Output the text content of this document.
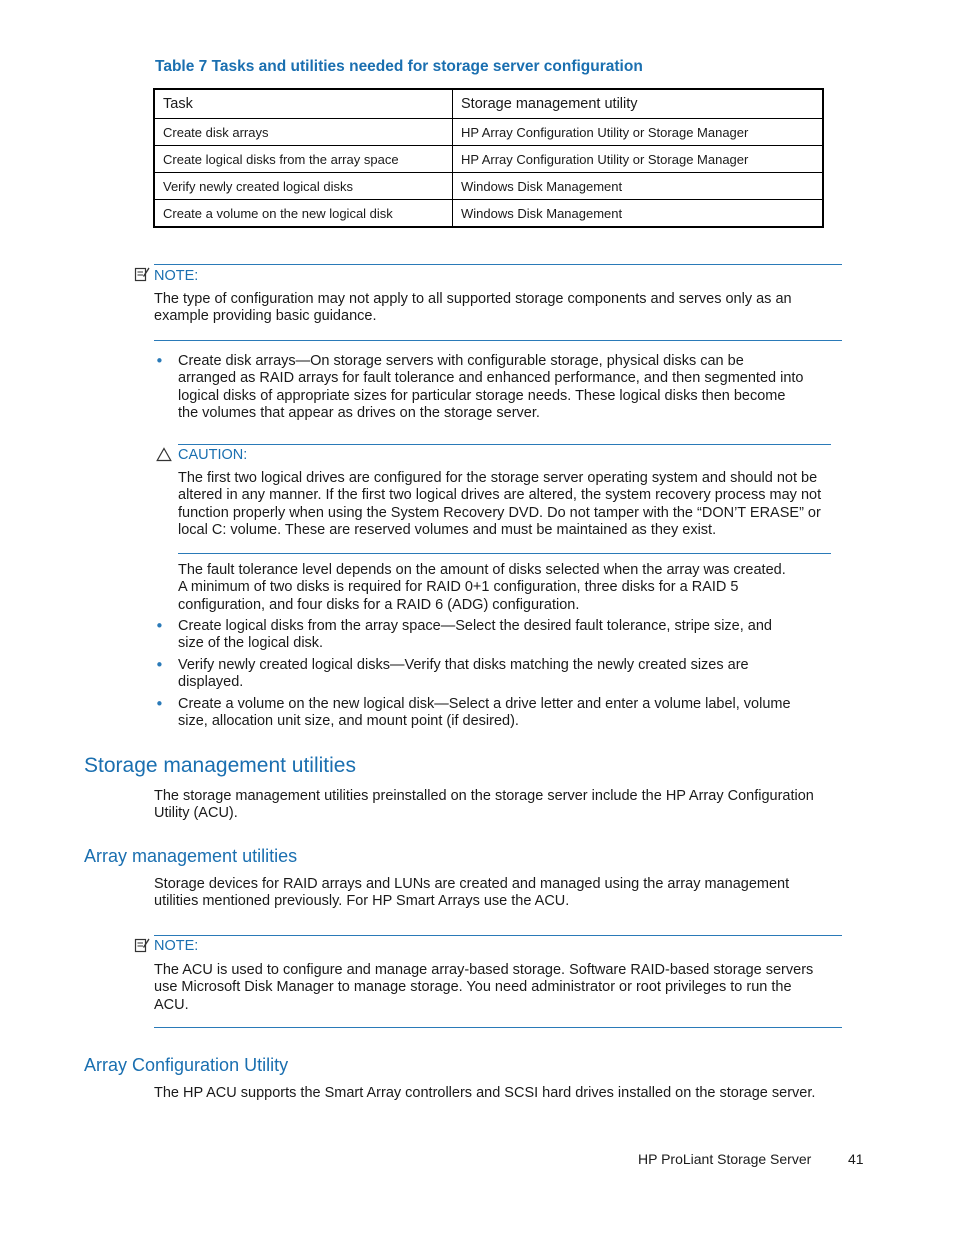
Table 7 Tasks and utilities needed for storage server configuration
Task	Storage management utility
Create disk arrays	HP Array Configuration Utility or Storage Manager
Create logical disks from the array space	HP Array Configuration Utility or Storage Manager
Verify newly created logical disks	Windows Disk Management
Create a volume on the new logical disk	Windows Disk Management
NOTE:
The type of configuration may not apply to all supported storage components and serves only as an
example providing basic guidance.
• Create disk arrays—On storage servers with configurable storage, physical disks can be
arranged as RAID arrays for fault tolerance and enhanced performance, and then segmented into
logical disks of appropriate sizes for particular storage needs. These logical disks then become
the volumes that appear as drives on the storage server.
CAUTION:
The first two logical drives are configured for the storage server operating system and should not be
altered in any manner. If the first two logical drives are altered, the system recovery process may not
function properly when using the System Recovery DVD. Do not tamper with the “DON’T ERASE” or
local C: volume. These are reserved volumes and must be maintained as they exist.
The fault tolerance level depends on the amount of disks selected when the array was created.
A minimum of two disks is required for RAID 0+1 configuration, three disks for a RAID 5
configuration, and four disks for a RAID 6 (ADG) configuration.
• Create logical disks from the array space—Select the desired fault tolerance, stripe size, and
size of the logical disk.
• Verify newly created logical disks—Verify that disks matching the newly created sizes are
displayed.
• Create a volume on the new logical disk—Select a drive letter and enter a volume label, volume
size, allocation unit size, and mount point (if desired).
Storage management utilities
The storage management utilities preinstalled on the storage server include the HP Array Configuration
Utility (ACU).
Array management utilities
Storage devices for RAID arrays and LUNs are created and managed using the array management
utilities mentioned previously. For HP Smart Arrays use the ACU.
NOTE:
The ACU is used to configure and manage array-based storage. Software RAID-based storage servers
use Microsoft Disk Manager to manage storage. You need administrator or root privileges to run the
ACU.
Array Configuration Utility
The HP ACU supports the Smart Array controllers and SCSI hard drives installed on the storage server.
HP ProLiant Storage Server	41
